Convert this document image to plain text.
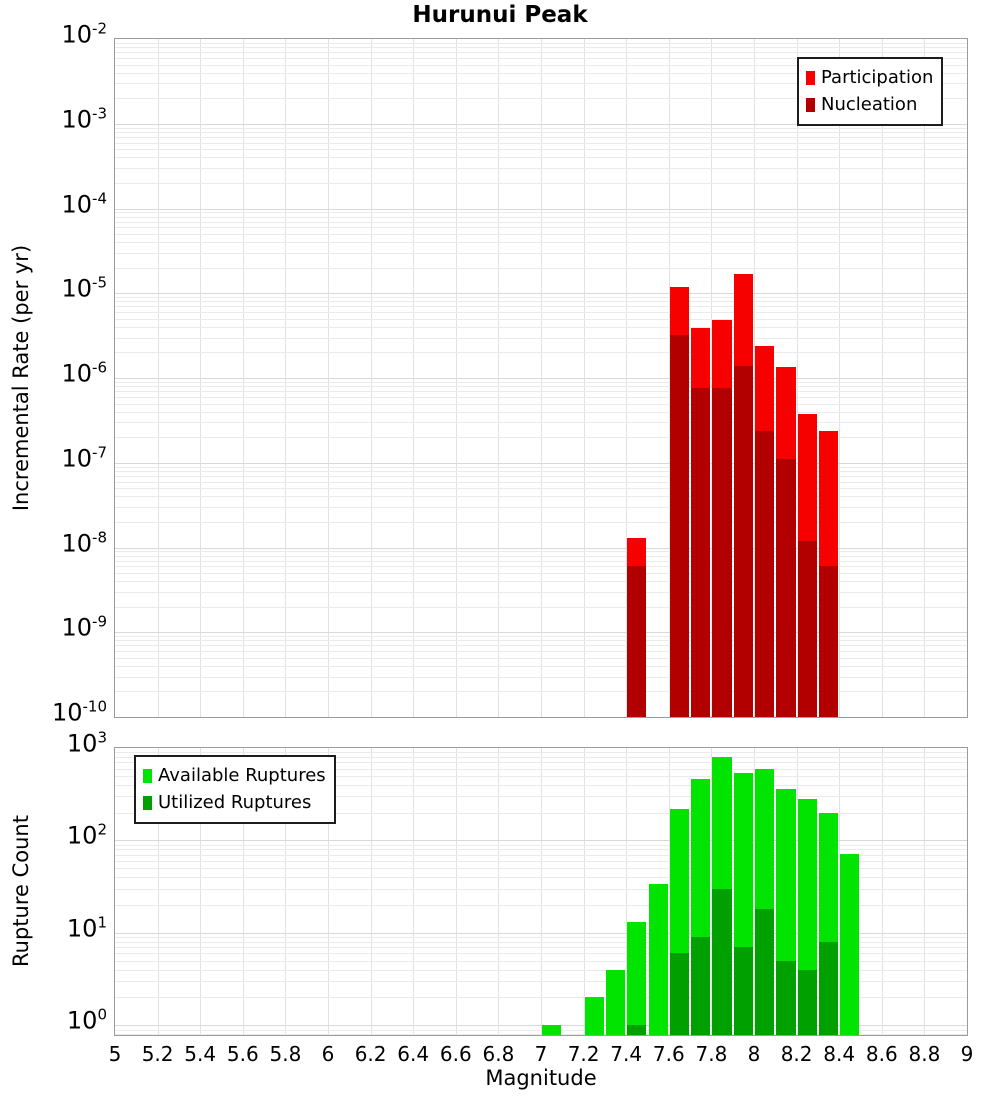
Hurunui Peak
Incremental Rate (per yr)
Rupture Count
Magnitude
$10^{-2}$
$10^{-3}$
$10^{-4}$
$10^{-5}$
$10^{-6}$
$10^{-7}$
$10^{-8}$
$10^{-9}$
$10^{-10}$
Participation
Nucleation
$10^3$
$10^2$
$10^1$
$10^0$
5 5.2 5.4 5.6 5.8 6 6.2 6.4 6.6 6.8 7 7.2 7.4 7.6 7.8 8 8.2 8.4 8.6 8.8 9
Available Ruptures
Utilized Ruptures
